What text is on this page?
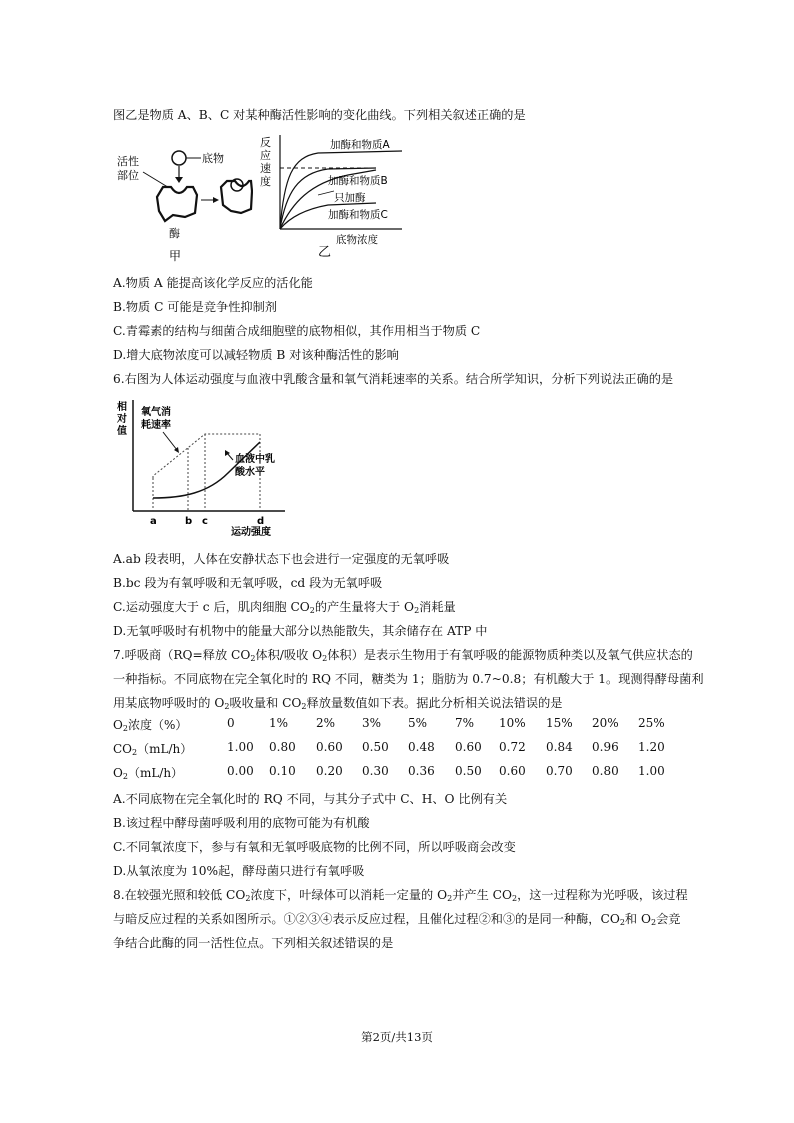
图乙是物质 A、B、C 对某种酶活性影响的变化曲线。下列相关叙述正确的是
底物
活性
部位
酶
甲
反
应
速
度
加酶和物质A
加酶和物质B
只加酶
加酶和物质C
底物浓度
乙
A.物质 A 能提高该化学反应的活化能
B.物质 C 可能是竞争性抑制剂
C.青霉素的结构与细菌合成细胞壁的底物相似，其作用相当于物质 C
D.增大底物浓度可以减轻物质 B 对该种酶活性的影响
6.右图为人体运动强度与血液中乳酸含量和氧气消耗速率的关系。结合所学知识，分析下列说法正确的是
相
对
值
氧气消
耗速率
血液中乳
酸水平
a	b c	d
运动强度
A.ab 段表明，人体在安静状态下也会进行一定强度的无氧呼吸
B.bc 段为有氧呼吸和无氧呼吸，cd 段为无氧呼吸
C.运动强度大于 c 后，肌肉细胞 $CO_2$的产生量将大于 $O_2$消耗量
D.无氧呼吸时有机物中的能量大部分以热能散失，其余储存在 ATP 中
7.呼吸商（RQ=释放 $CO_2$体积/吸收 $O_2$体积）是表示生物用于有氧呼吸的能源物质种类以及氧气供应状态的
一种指标。不同底物在完全氧化时的 RQ 不同，糖类为 1；脂肪为 0.7~0.8；有机酸大于 1。现测得酵母菌利
用某底物呼吸时的 $O_2$吸收量和 $CO_2$释放量数值如下表。据此分析相关说法错误的是
$O_2$浓度（%）	0	1% 2% 3% 5% 7% 10% 15% 20% 25%
$CO_2(mL/h)$	1.00 0.80 0.60 0.50 0.48 0.60 0.72 0.84 0.96 1.20
$O_2(mL/h)$	0.00 0.10 0.20 0.30 0.36 0.50 0.60 0.70 0.80 1.00
A.不同底物在完全氧化时的 RQ 不同，与其分子式中 C、H、O 比例有关
B.该过程中酵母菌呼吸利用的底物可能为有机酸
C.不同氧浓度下，参与有氧和无氧呼吸底物的比例不同，所以呼吸商会改变
D.从氧浓度为 10%起，酵母菌只进行有氧呼吸
8.在较强光照和较低 $CO_2$浓度下，叶绿体可以消耗一定量的 $O_2$并产生 $CO_2$，这一过程称为光呼吸，该过程
与暗反应过程的关系如图所示。①②③④表示反应过程，且催化过程②和③的是同一种酶，$CO_2$和 $O_2$会竞
争结合此酶的同一活性位点。下列相关叙述错误的是
第2页/共13页
